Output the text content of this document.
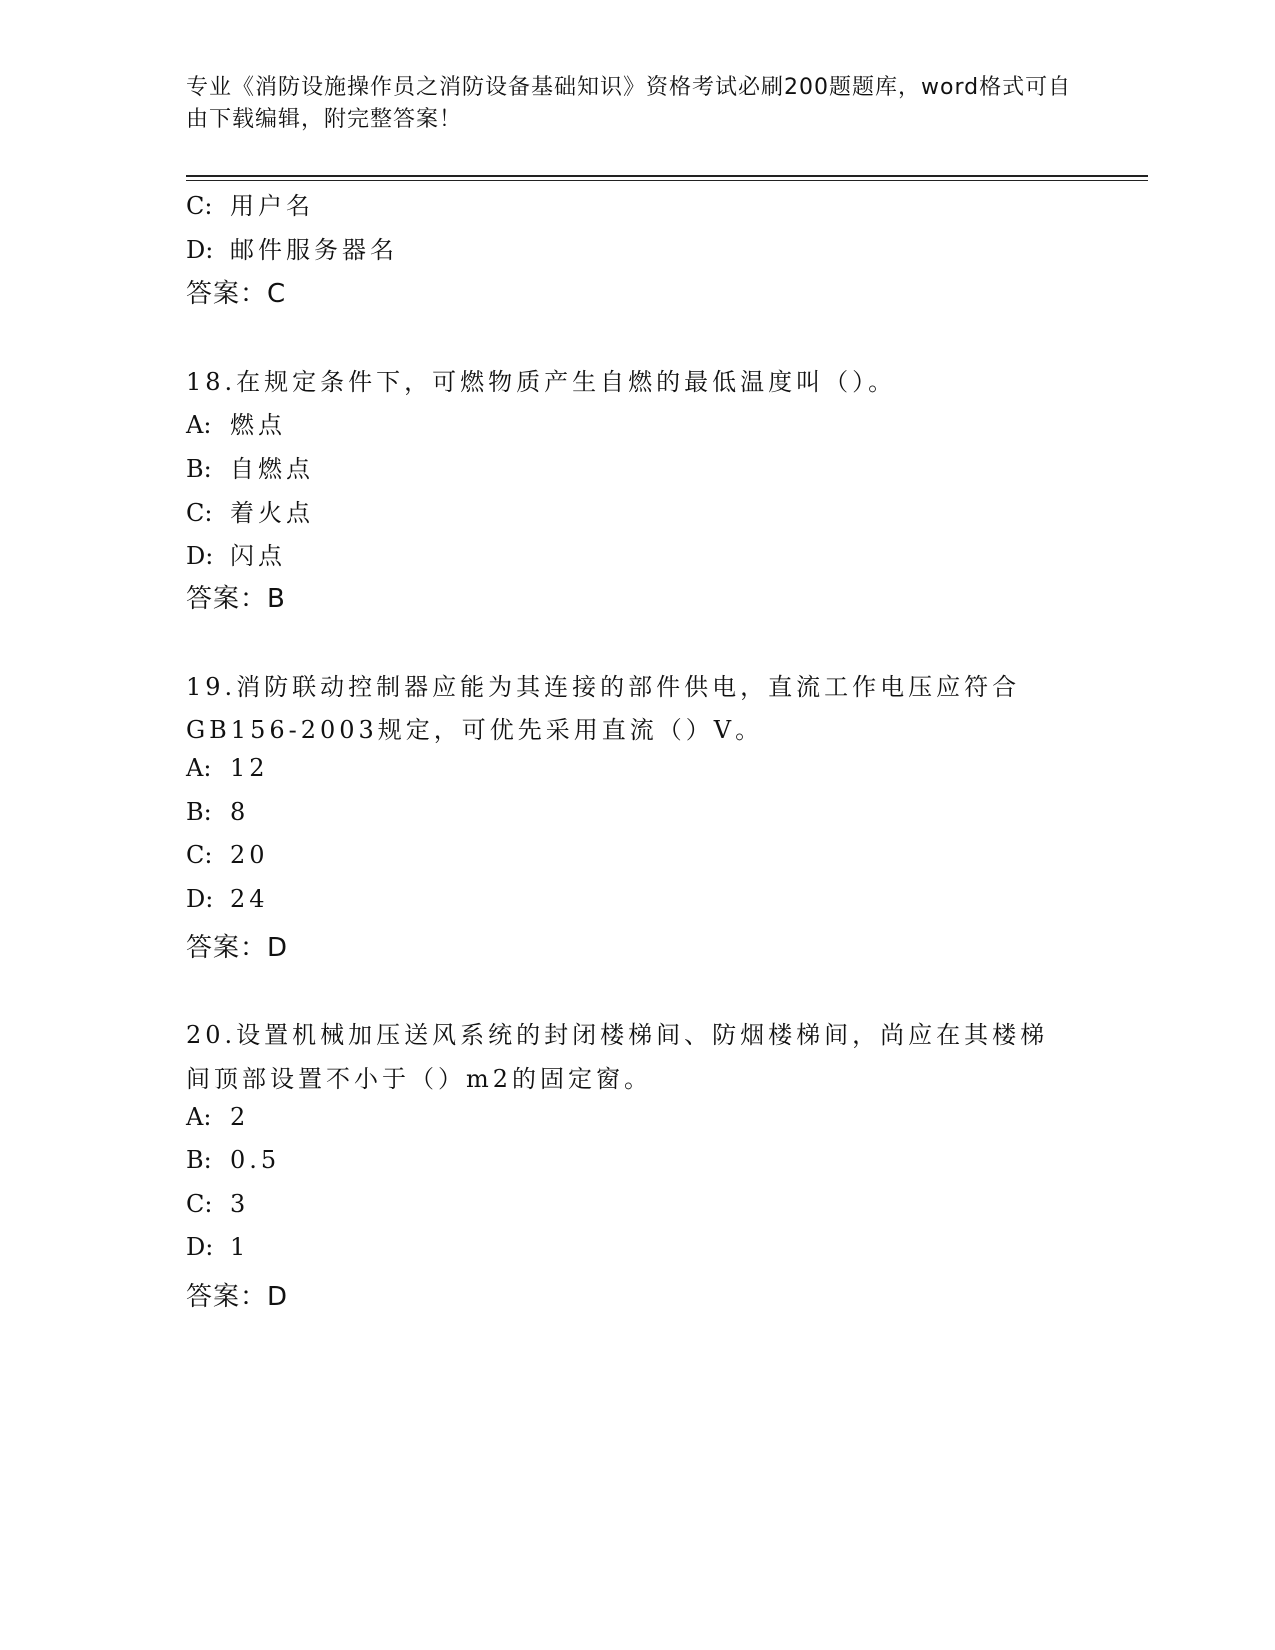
专业《消防设施操作员之消防设备基础知识》资格考试必刷200题题库，word格式可自由下载编辑，附完整答案！
C: 用户名
D: 邮件服务器名
答案：C
18.在规定条件下，可燃物质产生自燃的最低温度叫（）。
A: 燃点
B: 自燃点
C: 着火点
D: 闪点
答案：B
19.消防联动控制器应能为其连接的部件供电，直流工作电压应符合
GB156-2003规定，可优先采用直流（）V。
A: 12
B: 8
C: 20
D: 24
答案：D
20.设置机械加压送风系统的封闭楼梯间、防烟楼梯间，尚应在其楼梯
间顶部设置不小于（）m2的固定窗。
A: 2
B: 0.5
C: 3
D: 1
答案：D
